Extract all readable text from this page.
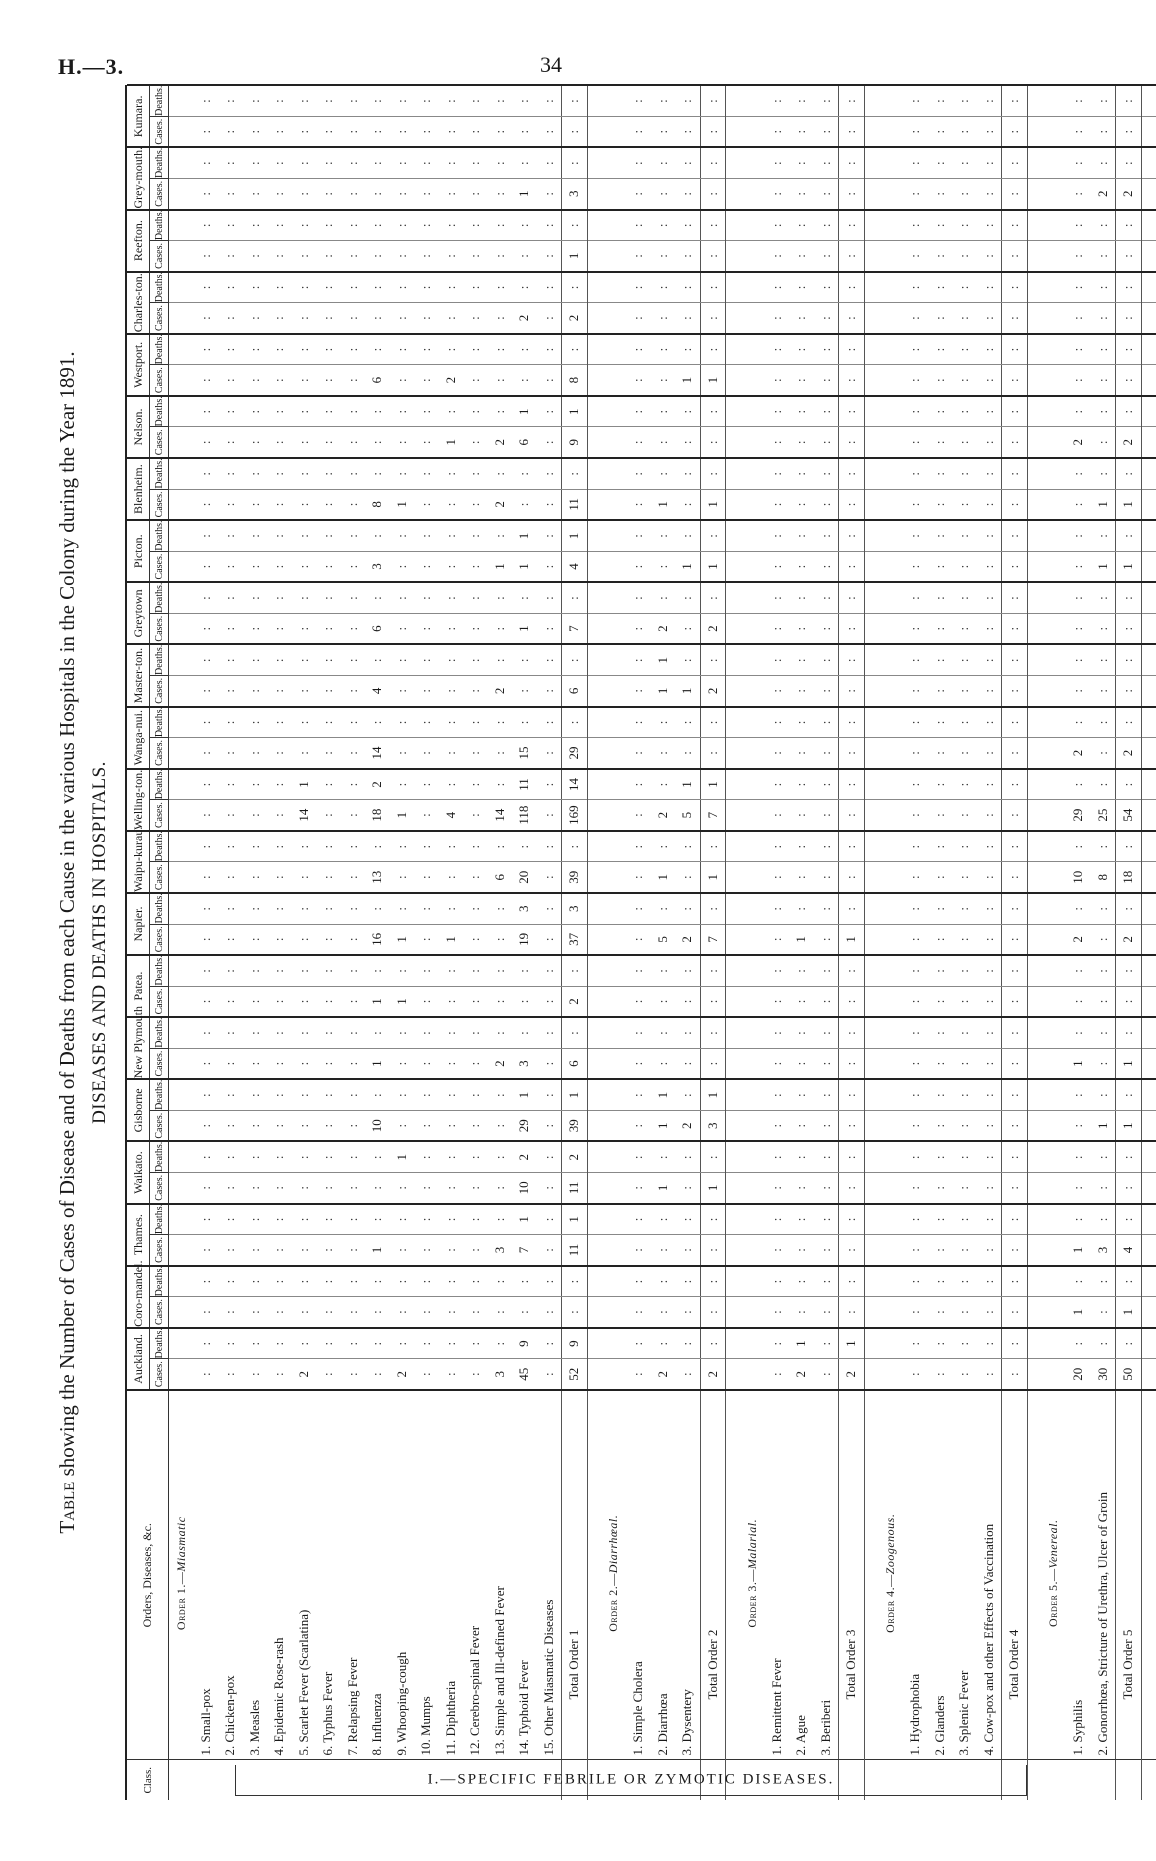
H.—3.	34
Table showing the Number of Cases of Disease and of Deaths from each Cause in the various Hospitals in the Colony during the Year 1891. DISEASES AND DEATHS IN HOSPITALS.
Class.	Orders, Diseases, &c.	Auckland.		Coro-mandel.		Thames.		Waikato.		Gisborne		New Plymouth		Patea.		Napier.		Waipu-kurau.		Welling-ton.		Wanga-nui.		Master-ton.		Greytown		Picton.		Blenheim.		Nelson.		Westport.		Charles-ton.		Reefton.		Grey-mouth.		Kumara.	
		Cases.	Deaths.	Cases.	Deaths.	Cases.	Deaths.	Cases.	Deaths.	Cases.	Deaths.	Cases.	Deaths.	Cases.	Deaths.	Cases.	Deaths.	Cases.	Deaths.	Cases.	Deaths.	Cases.	Deaths.	Cases.	Deaths.	Cases.	Deaths.	Cases.	Deaths.	Cases.	Deaths.	Cases.	Deaths.	Cases.	Deaths.	Cases.	Deaths.	Cases.	Deaths.	Cases.	Deaths.	Cases.	Deaths.
	Order 1.—Miasmatic																																										
	1. Small-pox	:	:	:	:	:	:	:	:	:	:	:	:	:	:	:	:	:	:	:	:	:	:	:	:	:	:	:	:	:	:	:	:	:	:	:	:	:	:	:	:	:	:
	2. Chicken-pox	:	:	:	:	:	:	:	:	:	:	:	:	:	:	:	:	:	:	:	:	:	:	:	:	:	:	:	:	:	:	:	:	:	:	:	:	:	:	:	:	:	:
	3. Measles	:	:	:	:	:	:	:	:	:	:	:	:	:	:	:	:	:	:	:	:	:	:	:	:	:	:	:	:	:	:	:	:	:	:	:	:	:	:	:	:	:	:
	4. Epidemic Rose-rash	:	:	:	:	:	:	:	:	:	:	:	:	:	:	:	:	:	:	:	:	:	:	:	:	:	:	:	:	:	:	:	:	:	:	:	:	:	:	:	:	:	:
	5. Scarlet Fever (Scarlatina)	2	:	:	:	:	:	:	:	:	:	:	:	:	:	:	:	:	:	14	1	:	:	:	:	:	:	:	:	:	:	:	:	:	:	:	:	:	:	:	:	:	:
	6. Typhus Fever	:	:	:	:	:	:	:	:	:	:	:	:	:	:	:	:	:	:	:	:	:	:	:	:	:	:	:	:	:	:	:	:	:	:	:	:	:	:	:	:	:	:
	7. Relapsing Fever	:	:	:	:	:	:	:	:	:	:	:	:	:	:	:	:	:	:	:	:	:	:	:	:	:	:	:	:	:	:	:	:	:	:	:	:	:	:	:	:	:	:
	8. Influenza	:	:	:	:	1	:	:	:	10	:	1	:	1	:	16	:	13	:	18	2	14	:	4	:	6	:	3	:	8	:	:	:	6	:	:	:	:	:	:	:	:	:
	9. Whooping-cough	2	:	:	:	:	:	:	1	:	:	:	:	1	:	1	:	:	:	1	:	:	:	:	:	:	:	:	:	1	:	:	:	:	:	:	:	:	:	:	:	:	:
	10. Mumps	:	:	:	:	:	:	:	:	:	:	:	:	:	:	:	:	:	:	:	:	:	:	:	:	:	:	:	:	:	:	:	:	:	:	:	:	:	:	:	:	:	:
	11. Diphtheria	:	:	:	:	:	:	:	:	:	:	:	:	:	:	1	:	:	:	4	:	:	:	:	:	:	:	:	:	:	:	1	:	2	:	:	:	:	:	:	:	:	:
	12. Cerebro-spinal Fever	:	:	:	:	:	:	:	:	:	:	:	:	:	:	:	:	:	:	:	:	:	:	:	:	:	:	:	:	:	:	:	:	:	:	:	:	:	:	:	:	:	:
	13. Simple and Ill-defined Fever	3	:	:	:	3	:	:	:	:	:	2	:	:	:	:	:	6	:	14	:	:	:	2	:	:	:	1	:	2	:	2	:	:	:	:	:	:	:	:	:	:	:
	14. Typhoid Fever	45	9	:	:	7	1	10	2	29	1	3	:	:	:	19	3	20	:	118	11	15	:	:	:	1	:	1	1	:	:	6	1	:	:	2	:	:	:	1	:	:	:
	15. Other Miasmatic Diseases	:	:	:	:	:	:	:	:	:	:	:	:	:	:	:	:	:	:	:	:	:	:	:	:	:	:	:	:	:	:	:	:	:	:	:	:	:	:	:	:	:	:
	Total Order 1	52	9	:	:	11	1	11	2	39	1	6	:	2	:	37	3	39	:	169	14	29	:	6	:	7	:	4	1	11	:	9	1	8	:	2	:	1	:	3	:	:	:

	Order 2.—Diarrhœal.																																										
	1. Simple Cholera	:	:	:	:	:	:	:	:	:	:	:	:	:	:	:	:	:	:	:	:	:	:	:	:	:	:	:	:	:	:	:	:	:	:	:	:	:	:	:	:	:	:
	2. Diarrhœa	2	:	:	:	:	:	1	:	1	1	:	:	:	:	5	:	1	:	2	:	:	:	1	1	2	:	:	:	1	:	:	:	:	:	:	:	:	:	:	:	:	:
	3. Dysentery	:	:	:	:	:	:	:	:	2	:	:	:	:	:	2	:	:	:	5	1	:	:	1	:	:	:	1	:	:	:	:	:	1	:	:	:	:	:	:	:	:	:
	Total Order 2	2	:	:	:	:	:	1	:	3	1	:	:	:	:	7	:	1	:	7	1	:	:	2	:	2	:	1	:	1	:	:	:	1	:	:	:	:	:	:	:	:	:

	Order 3.—Malarial.																																										
	1. Remittent Fever	:	:	:	:	:	:	:	:	:	:	:	:	:	:	:	:	:	:	:	:	:	:	:	:	:	:	:	:	:	:	:	:	:	:	:	:	:	:	:	:	:	:
	2. Ague	2	1	:	:	:	:	:	:	:	:	:	:	:	:	1	:	:	:	:	:	:	:	:	:	:	:	:	:	:	:	:	:	:	:	:	:	:	:	:	:	:	:
	3. Beriberi	:	:	:	:	:	:	:	:	:	:	:	:	:	:	:	:	:	:	:	:	:	:	:	:	:	:	:	:	:	:	:	:	:	:	:	:	:	:	:	:	:	:
	Total Order 3	2	1	:	:	:	:	:	:	:	:	:	:	:	:	1	:	:	:	:	:	:	:	:	:	:	:	:	:	:	:	:	:	:	:	:	:	:	:	:	:	:	:

	Order 4.—Zoogenous.																																										
	1. Hydrophobia	:	:	:	:	:	:	:	:	:	:	:	:	:	:	:	:	:	:	:	:	:	:	:	:	:	:	:	:	:	:	:	:	:	:	:	:	:	:	:	:	:	:
	2. Glanders	:	:	:	:	:	:	:	:	:	:	:	:	:	:	:	:	:	:	:	:	:	:	:	:	:	:	:	:	:	:	:	:	:	:	:	:	:	:	:	:	:	:
	3. Splenic Fever	:	:	:	:	:	:	:	:	:	:	:	:	:	:	:	:	:	:	:	:	:	:	:	:	:	:	:	:	:	:	:	:	:	:	:	:	:	:	:	:	:	:
	4. Cow-pox and other Effects of Vaccination	:	:	:	:	:	:	:	:	:	:	:	:	:	:	:	:	:	:	:	:	:	:	:	:	:	:	:	:	:	:	:	:	:	:	:	:	:	:	:	:	:	:
	Total Order 4	:	:	:	:	:	:	:	:	:	:	:	:	:	:	:	:	:	:	:	:	:	:	:	:	:	:	:	:	:	:	:	:	:	:	:	:	:	:	:	:	:	:

	Order 5.—Venereal.																																										
	1. Syphilis	20	:	1	:	1	:	:	:	:	:	1	:	:	:	2	:	10	:	29	:	2	:	:	:	:	:	:	:	:	:	2	:	:	:	:	:	:	:	:	:	:	:
	2. Gonorrhœa, Stricture of Urethra, Ulcer of Groin	30	:	:	:	3	:	:	:	1	:	:	:	:	:	:	:	8	:	25	:	:	:	:	:	:	:	1	:	1	:	:	:	:	:	:	:	:	:	2	:	:	:
	Total Order 5	50	:	1	:	4	:	:	:	1	:	1	:	:	:	2	:	18	:	54	:	2	:	:	:	:	:	1	:	1	:	2	:	:	:	:	:	:	:	2	:	:	:

I.—SPECIFIC FEBRILE OR ZYMOTIC DISEASES.
